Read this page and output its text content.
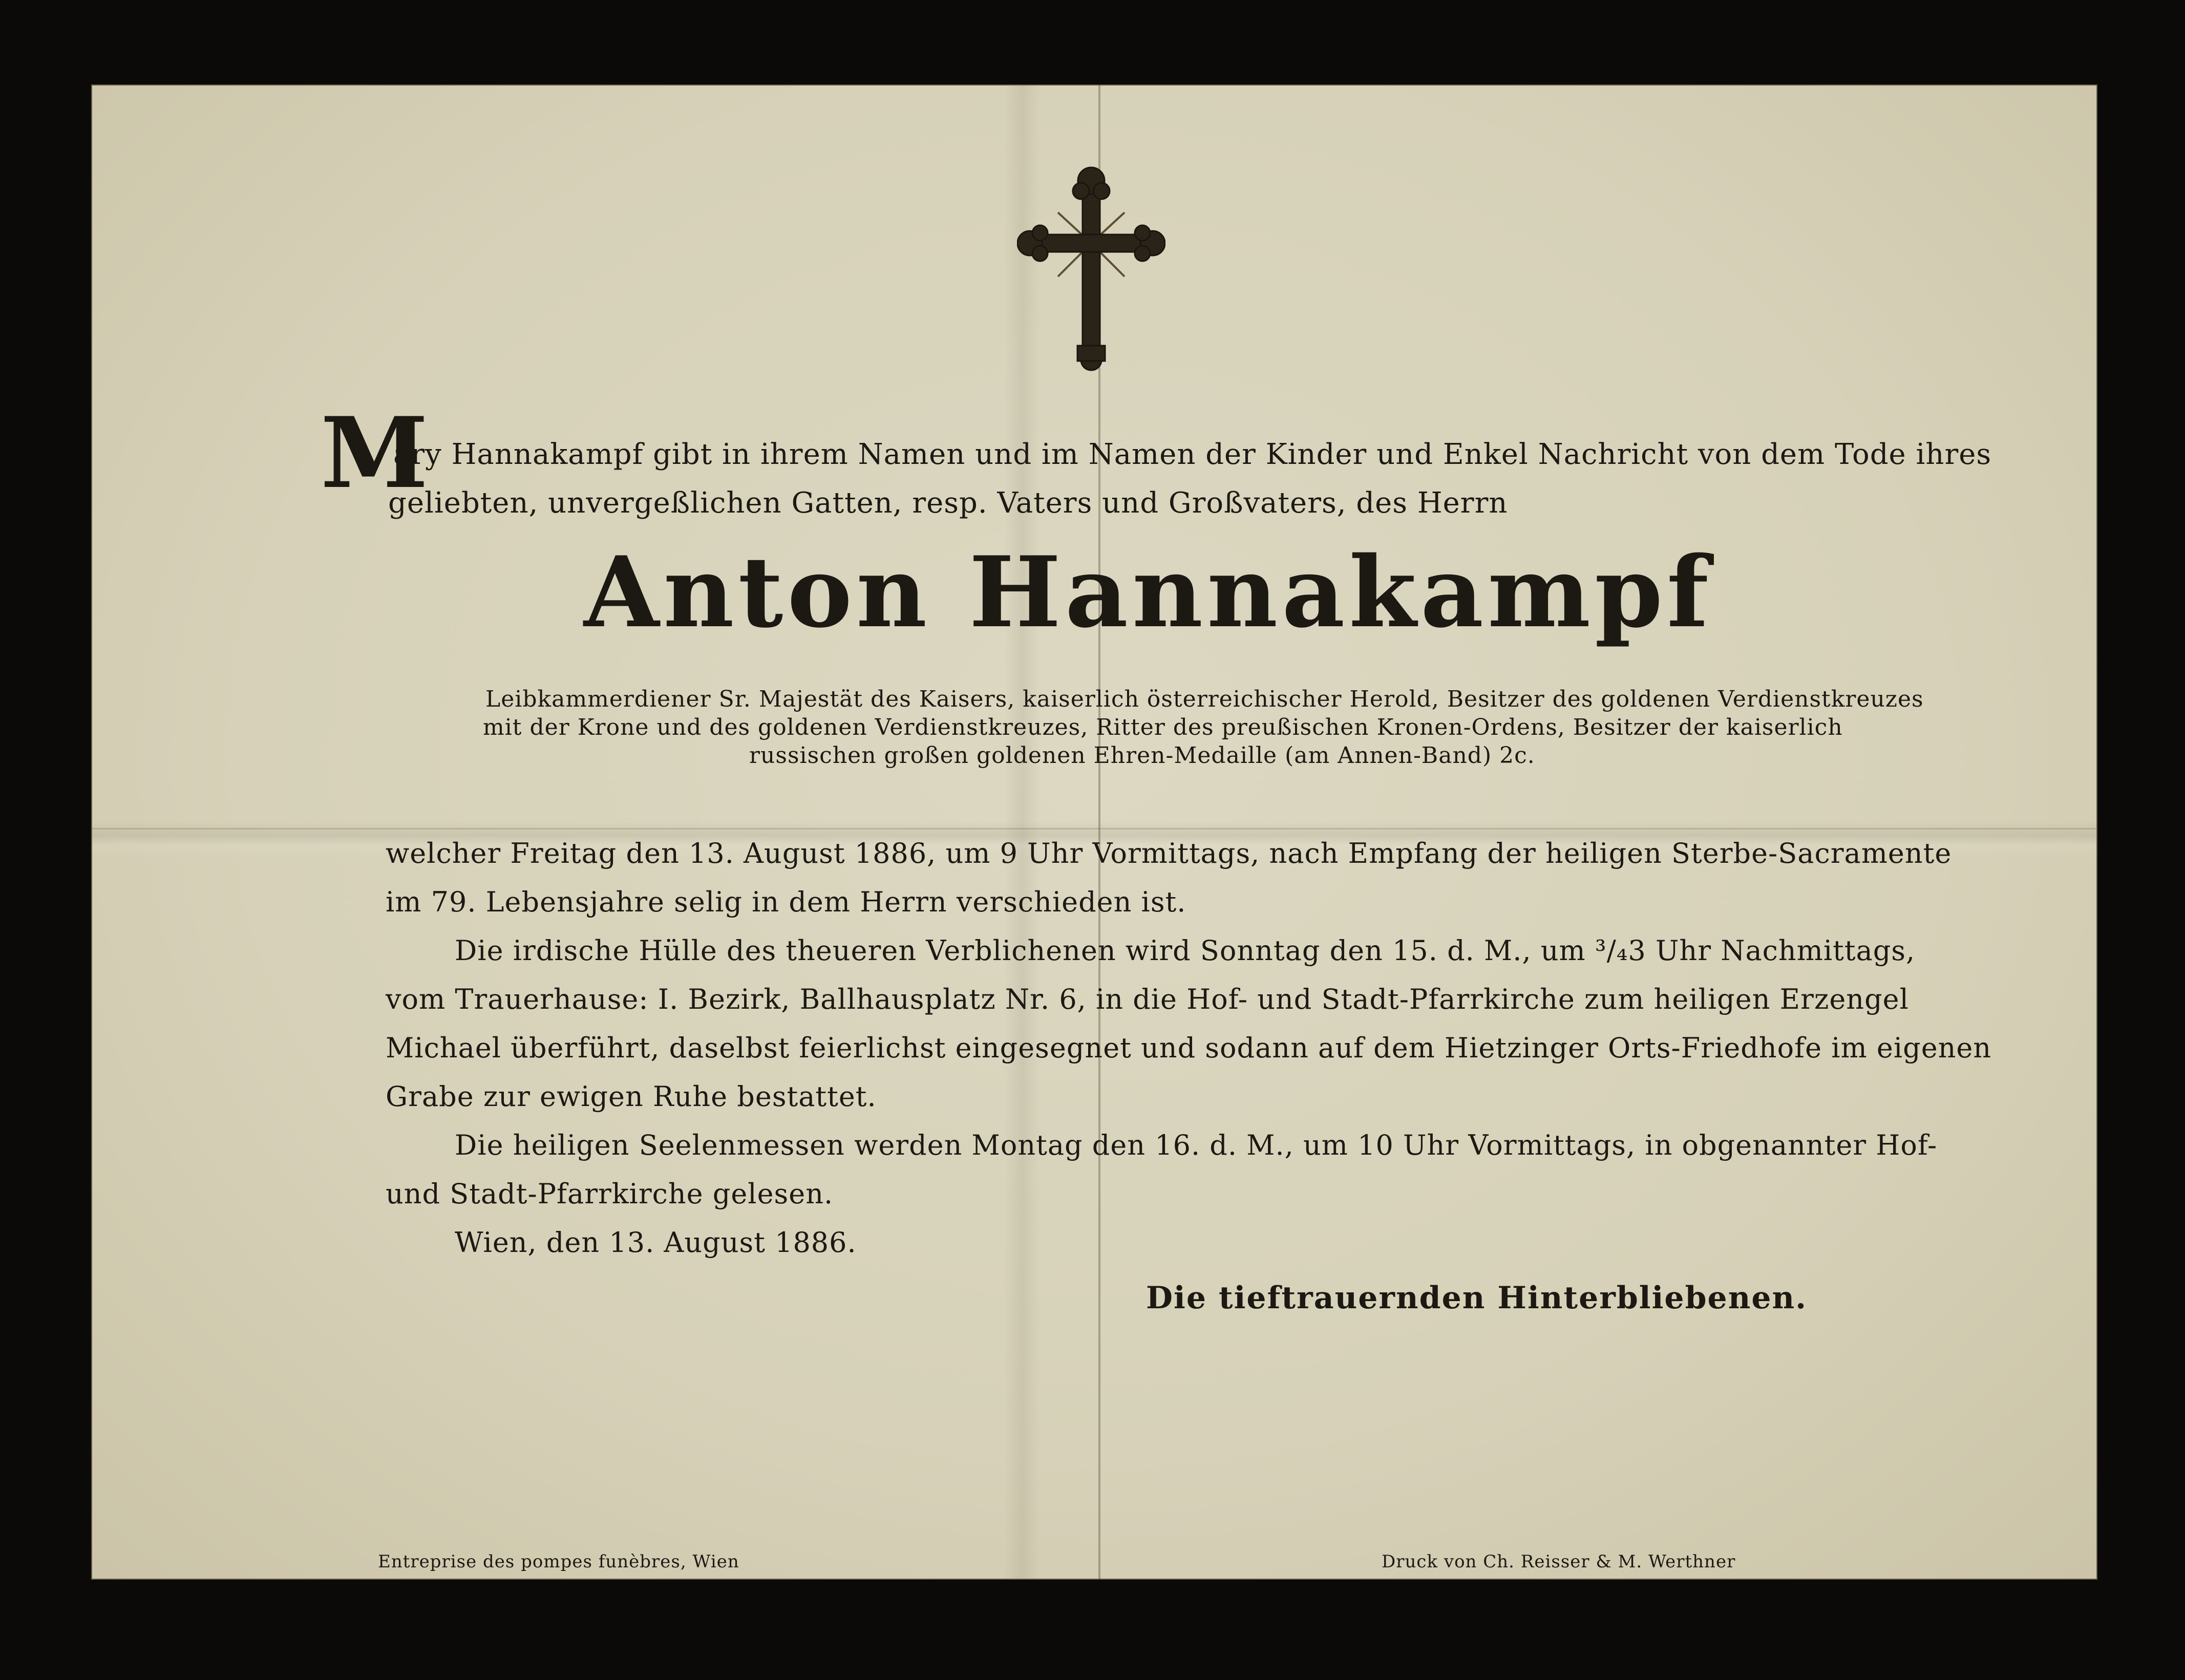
M
ary Hannakampf gibt in ihrem Namen und im Namen der Kinder und Enkel Nachricht von dem Tode ihres
geliebten, unvergeßlichen Gatten, resp. Vaters und Großvaters, des Herrn
Anton Hannakampf
Leibkammerdiener Sr. Majestät des Kaisers, kaiserlich österreichischer Herold, Besitzer des goldenen Verdienstkreuzes
mit der Krone und des goldenen Verdienstkreuzes, Ritter des preußischen Kronen-Ordens, Besitzer der kaiserlich
russischen großen goldenen Ehren-Medaille (am Annen-Band) 2c.
welcher Freitag den 13. August 1886, um 9 Uhr Vormittags, nach Empfang der heiligen Sterbe-Sacramente
im 79. Lebensjahre selig in dem Herrn verschieden ist.
Die irdische Hülle des theueren Verblichenen wird Sonntag den 15. d. M., um ³/₄3 Uhr Nachmittags,
vom Trauerhause: I. Bezirk, Ballhausplatz Nr. 6, in die Hof- und Stadt-Pfarrkirche zum heiligen Erzengel
Michael überführt, daselbst feierlichst eingesegnet und sodann auf dem Hietzinger Orts-Friedhofe im eigenen
Grabe zur ewigen Ruhe bestattet.
Die heiligen Seelenmessen werden Montag den 16. d. M., um 10 Uhr Vormittags, in obgenannter Hof-
und Stadt-Pfarrkirche gelesen.
Wien, den 13. August 1886.
Die tieftrauernden Hinterbliebenen.
Entreprise des pompes funèbres, Wien	Druck von Ch. Reisser & M. Werthner
